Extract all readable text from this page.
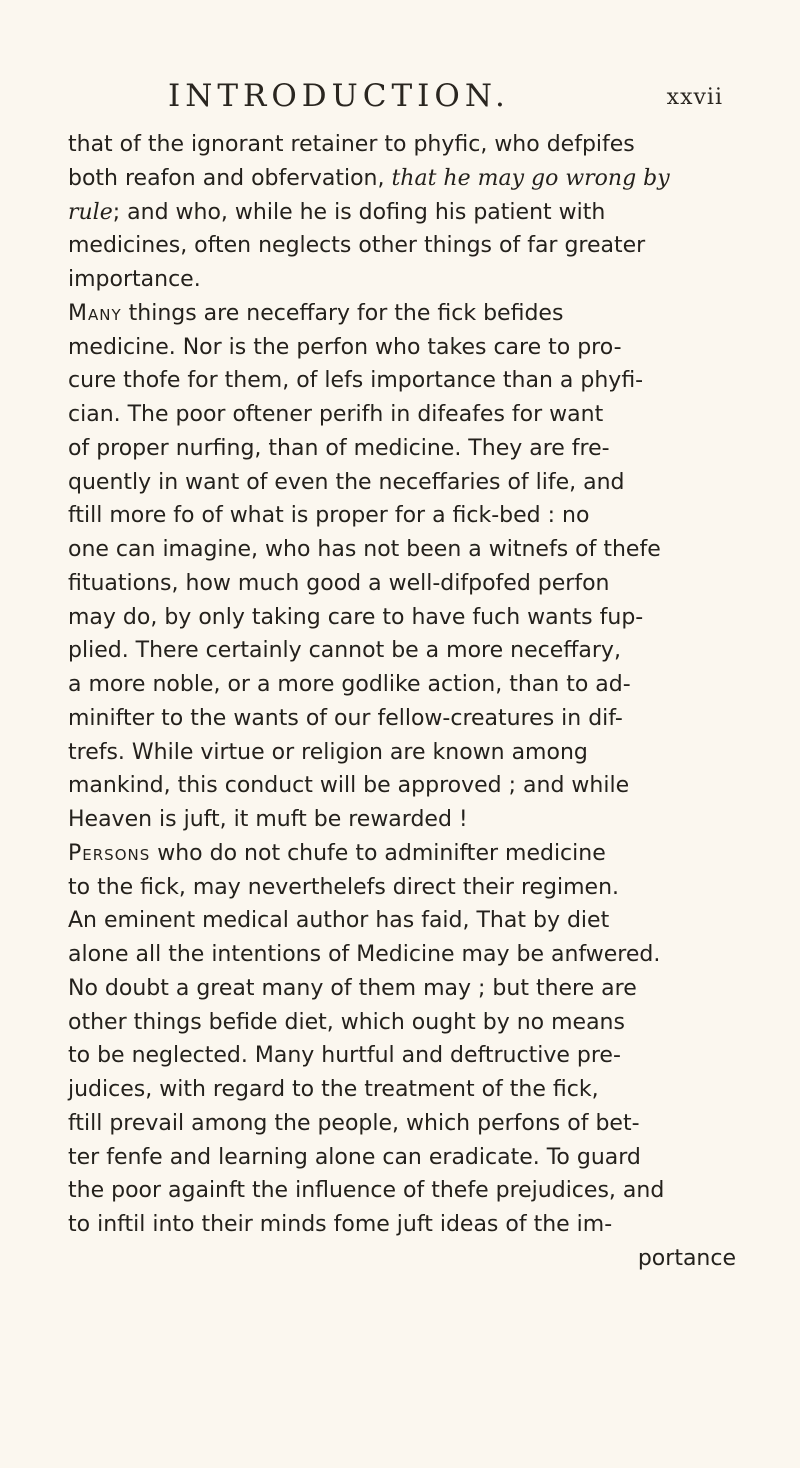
INTRODUCTION.	xxvii
that of the ignorant retainer to phyfic, who defpifes
both reafon and obfervation, that he may go wrong by
rule; and who, while he is dofing his patient with
medicines, often neglects other things of far greater
importance.
Many things are neceffary for the fick befides
medicine. Nor is the perfon who takes care to pro-
cure thofe for them, of lefs importance than a phyfi-
cian. The poor oftener perifh in difeafes for want
of proper nurfing, than of medicine. They are fre-
quently in want of even the neceffaries of life, and
ftill more fo of what is proper for a fick-bed : no
one can imagine, who has not been a witnefs of thefe
fituations, how much good a well-difpofed perfon
may do, by only taking care to have fuch wants fup-
plied. There certainly cannot be a more neceffary,
a more noble, or a more godlike action, than to ad-
minifter to the wants of our fellow-creatures in dif-
trefs. While virtue or religion are known among
mankind, this conduct will be approved ; and while
Heaven is juft, it muft be rewarded !
Persons who do not chufe to adminifter medicine
to the fick, may neverthelefs direct their regimen.
An eminent medical author has faid, That by diet
alone all the intentions of Medicine may be anfwered.
No doubt a great many of them may ; but there are
other things befide diet, which ought by no means
to be neglected. Many hurtful and deftructive pre-
judices, with regard to the treatment of the fick,
ftill prevail among the people, which perfons of bet-
ter fenfe and learning alone can eradicate. To guard
the poor againft the influence of thefe prejudices, and
to inftil into their minds fome juft ideas of the im-
portance
